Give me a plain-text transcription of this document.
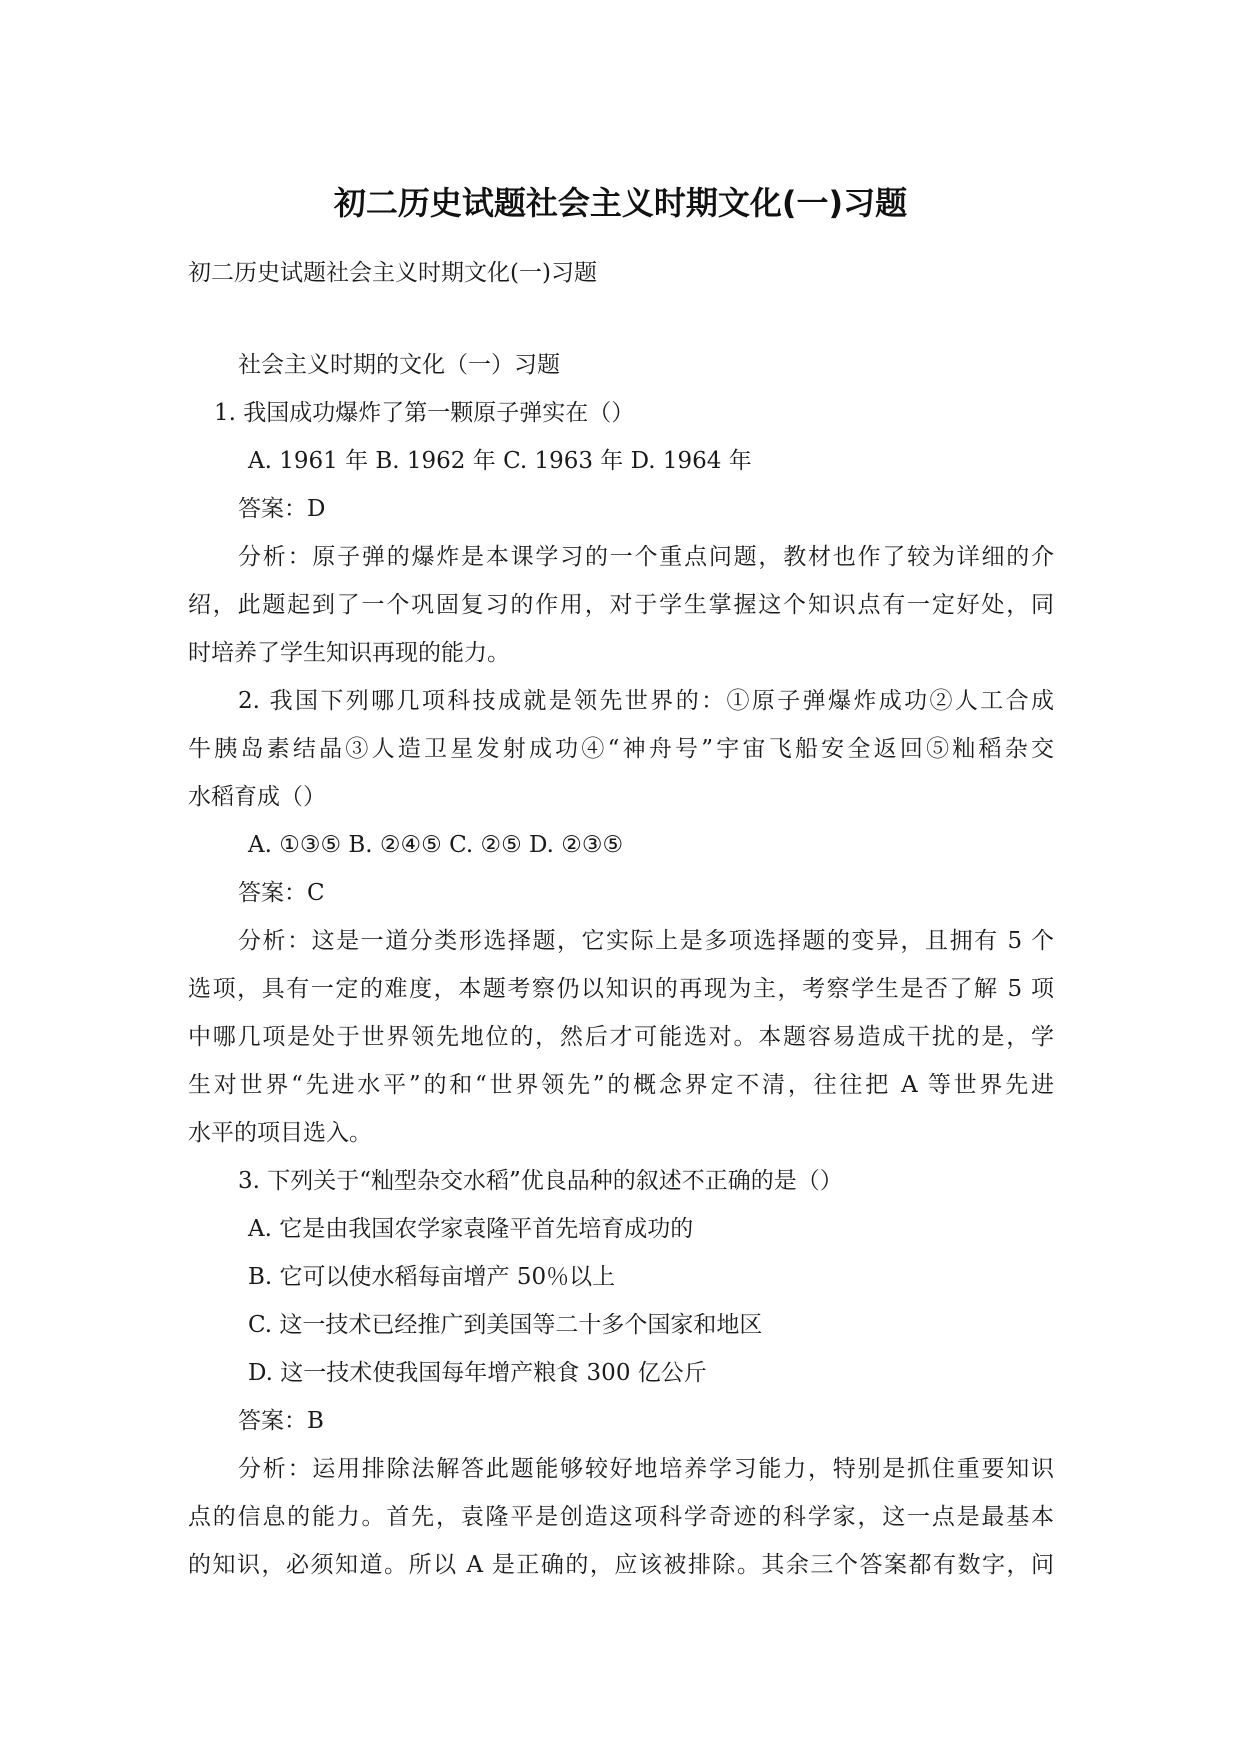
初二历史试题社会主义时期文化(一)习题

初二历史试题社会主义时期文化(一)习题

社会主义时期的文化（一）习题

1. 我国成功爆炸了第一颗原子弹实在（）

A. 1961 年 B. 1962 年 C. 1963 年 D. 1964 年

答案：D

分析：原子弹的爆炸是本课学习的一个重点问题，教材也作了较为详细的介

绍，此题起到了一个巩固复习的作用，对于学生掌握这个知识点有一定好处，同

时培养了学生知识再现的能力。

2. 我国下列哪几项科技成就是领先世界的：①原子弹爆炸成功②人工合成

牛胰岛素结晶③人造卫星发射成功④“神舟号”宇宙飞船安全返回⑤籼稻杂交

水稻育成（）

A. ①③⑤ B. ②④⑤ C. ②⑤ D. ②③⑤

答案：C

分析：这是一道分类形选择题，它实际上是多项选择题的变异，且拥有 5 个

选项，具有一定的难度，本题考察仍以知识的再现为主，考察学生是否了解 5 项

中哪几项是处于世界领先地位的，然后才可能选对。本题容易造成干扰的是，学

生对世界“先进水平”的和“世界领先”的概念界定不清，往往把 A 等世界先进

水平的项目选入。

3. 下列关于“籼型杂交水稻”优良品种的叙述不正确的是（）

A. 它是由我国农学家袁隆平首先培育成功的

B. 它可以使水稻每亩增产 50％以上

C. 这一技术已经推广到美国等二十多个国家和地区

D. 这一技术使我国每年增产粮食 300 亿公斤

答案：B

分析：运用排除法解答此题能够较好地培养学习能力，特别是抓住重要知识

点的信息的能力。首先，袁隆平是创造这项科学奇迹的科学家，这一点是最基本

的知识，必须知道。所以 A 是正确的，应该被排除。其余三个答案都有数字，问
